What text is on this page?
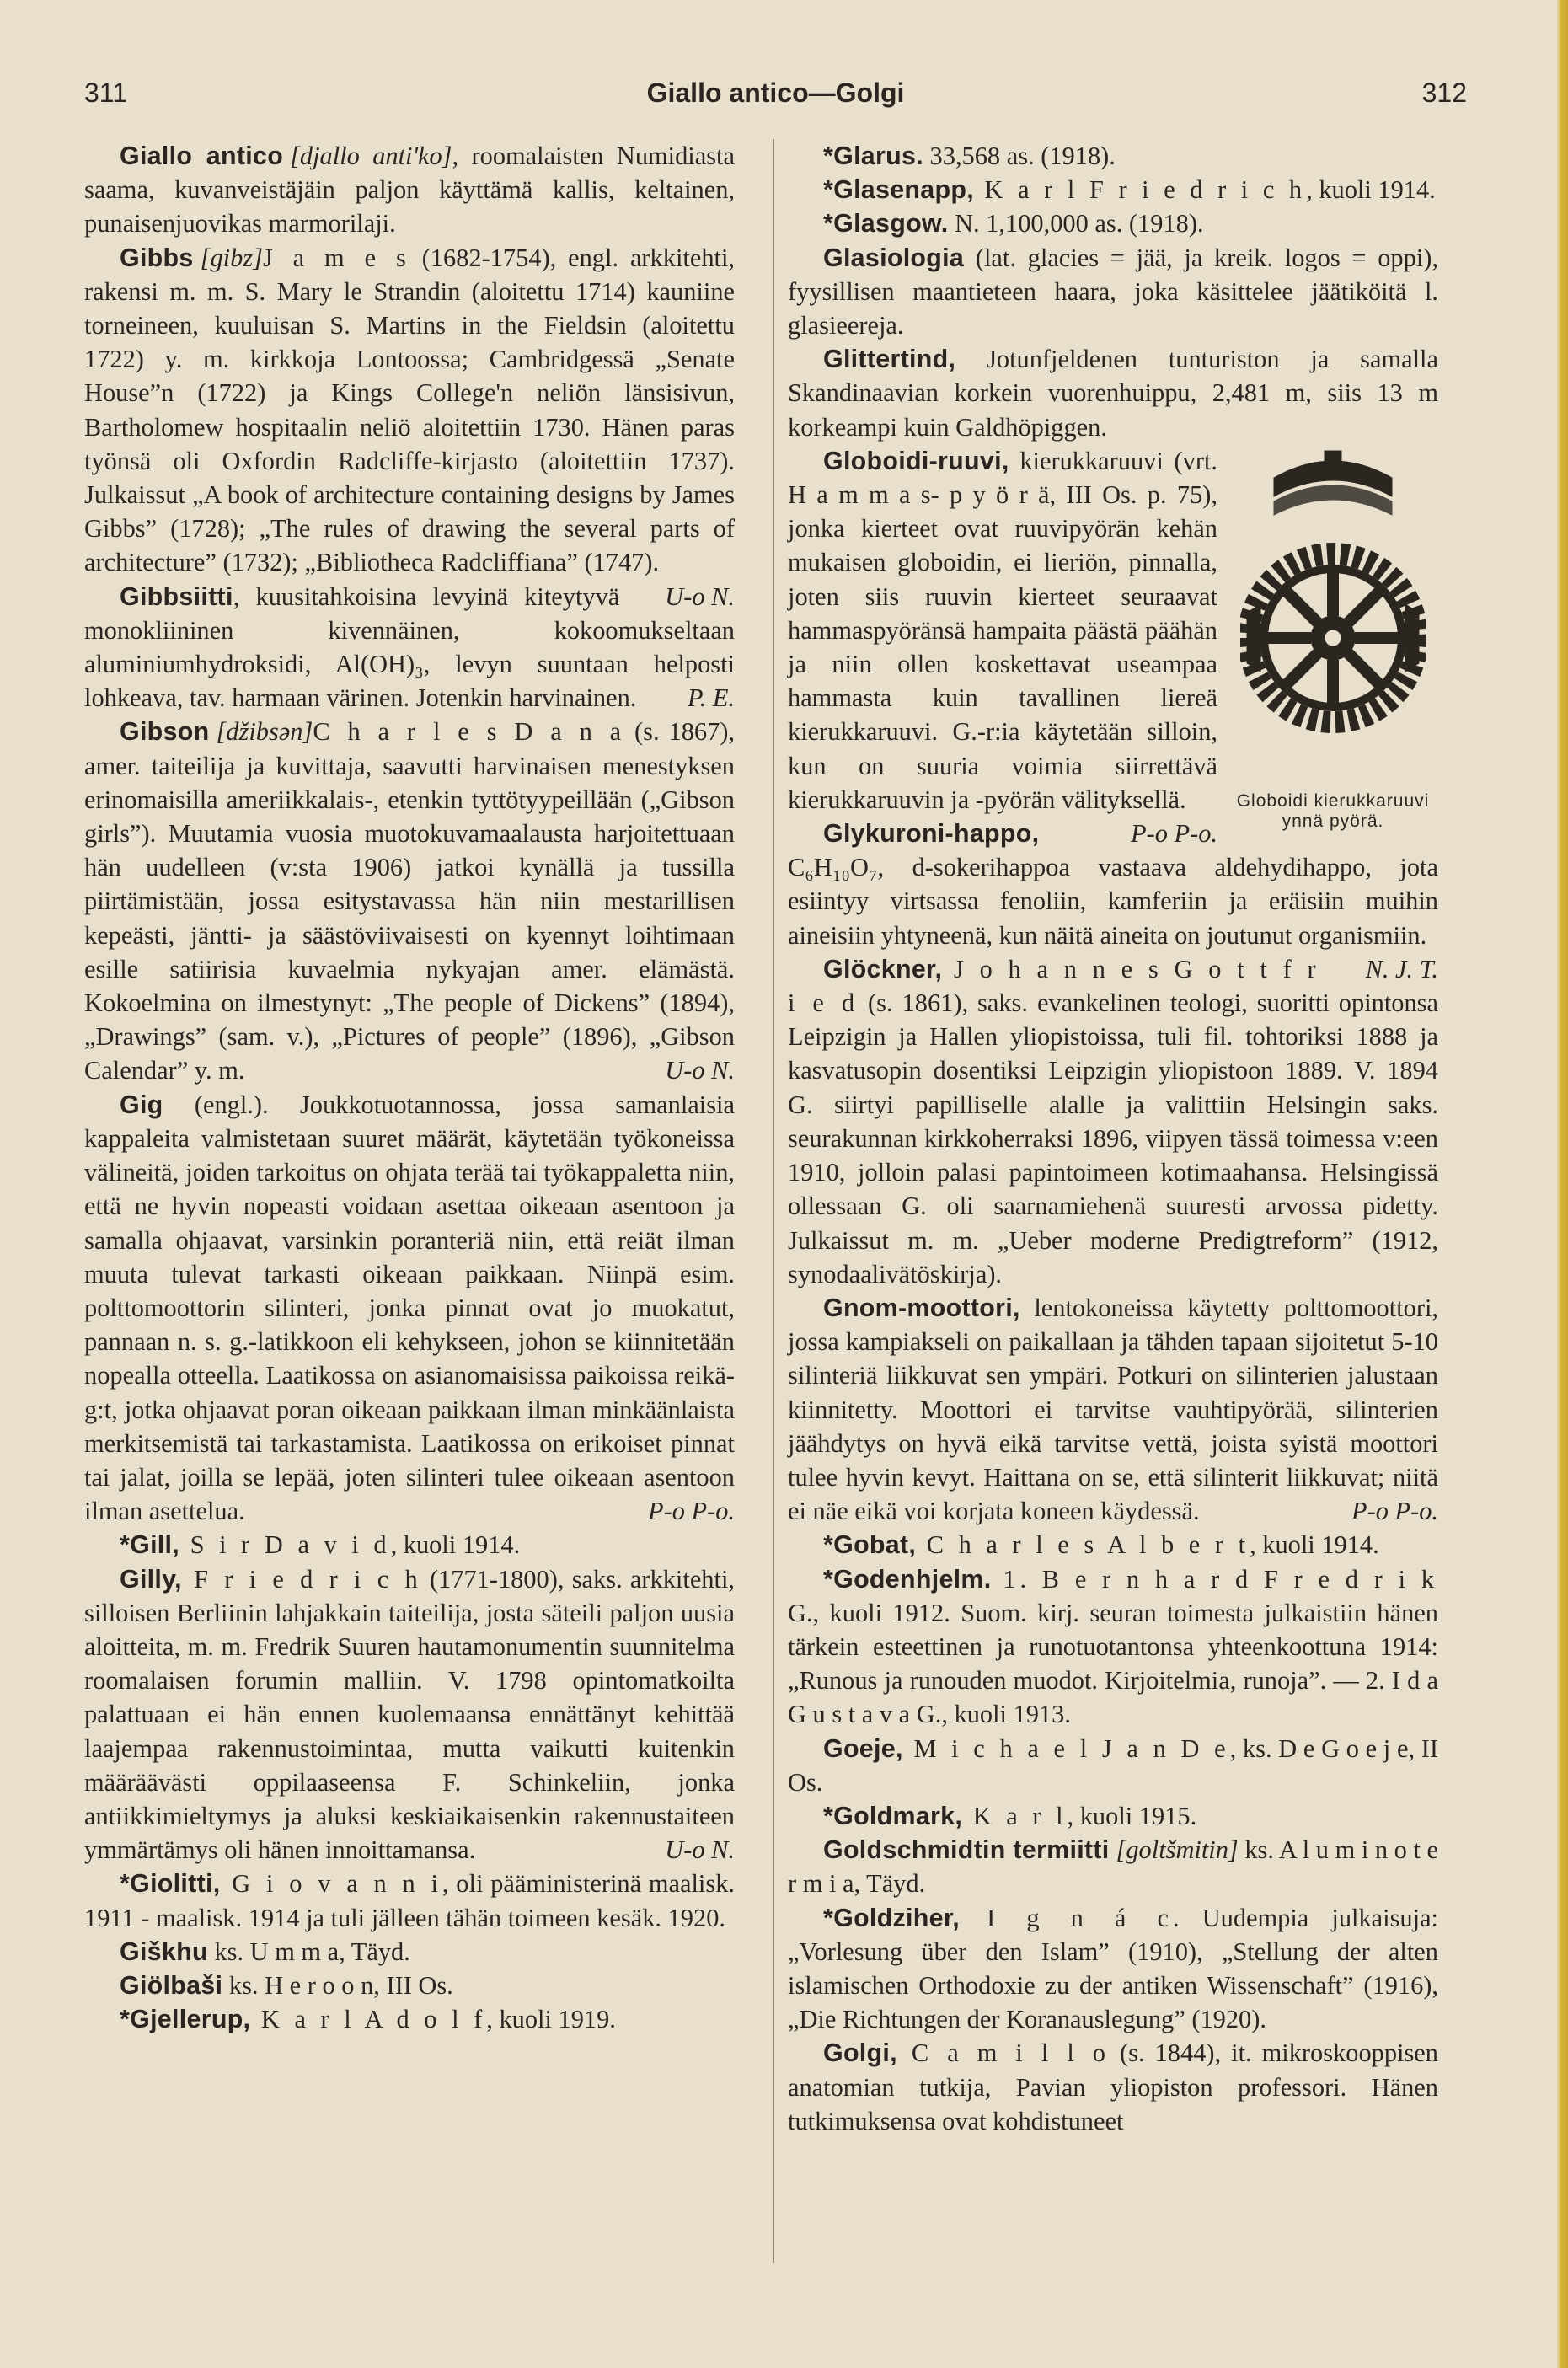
311	Giallo antico—Golgi	312

Giallo antico [djallo anti'ko], roomalaisten Numidiasta saama, kuvanveistäjäin paljon käyttämä kallis, keltainen, punaisenjuovikas marmorilaji.

Gibbs [gibz]J a m e s (1682-1754), engl. arkkitehti, rakensi m. m. S. Mary le Strandin (aloitettu 1714) kauniine torneineen, kuuluisan S. Martins in the Fieldsin (aloitettu 1722) y. m. kirkkoja Lontoossa; Cambridgessä „Senate House”n (1722) ja Kings College'n neliön länsisivun, Bartholomew hospitaalin neliö aloitettiin 1730. Hänen paras työnsä oli Oxfordin Radcliffe-kirjasto (aloitettiin 1737). Julkaissut „A book of architecture containing designs by James Gibbs” (1728); „The rules of drawing the several parts of architecture” (1732); „Bibliotheca Radcliffiana” (1747).
U-o N.

Gibbsiitti, kuusitahkoisina levyinä kiteytyvä monokliininen kivennäinen, kokoomukseltaan aluminiumhydroksidi, Al(OH)₃, levyn suuntaan helposti lohkeava, tav. harmaan värinen. Jotenkin harvinainen.	P. E.

Gibson [džibsən]C h a r l e s D a n a (s. 1867), amer. taiteilija ja kuvittaja, saavutti harvinaisen menestyksen erinomaisilla ameriikkalais-, etenkin tyttötyypeillään („Gibson girls”). Muutamia vuosia muotokuvamaalausta harjoitettuaan hän uudelleen (v:sta 1906) jatkoi kynällä ja tussilla piirtämistään, jossa esitystavassa hän niin mestarillisen kepeästi, jäntti- ja säästöviivaisesti on kyennyt loihtimaan esille satiirisia kuvaelmia nykyajan amer. elämästä. Kokoelmina on ilmestynyt: „The people of Dickens” (1894), „Drawings” (sam. v.), „Pictures of people” (1896), „Gibson Calendar” y. m.	U-o N.

Gig (engl.). Joukkotuotannossa, jossa samanlaisia kappaleita valmistetaan suuret määrät, käytetään työkoneissa välineitä, joiden tarkoitus on ohjata terää tai työkappaletta niin, että ne hyvin nopeasti voidaan asettaa oikeaan asentoon ja samalla ohjaavat, varsinkin poranteriä niin, että reiät ilman muuta tulevat tarkasti oikeaan paikkaan. Niinpä esim. polttomoottorin silinteri, jonka pinnat ovat jo muokatut, pannaan n. s. g.-latikkoon eli kehykseen, johon se kiinnitetään nopealla otteella. Laatikossa on asianomaisissa paikoissa reikä-g:t, jotka ohjaavat poran oikeaan paikkaan ilman minkäänlaista merkitsemistä tai tarkastamista. Laatikossa on erikoiset pinnat tai jalat, joilla se lepää, joten silinteri tulee oikeaan asentoon ilman asettelua.	P-o P-o.

*Gill, S i r D a v i d, kuoli 1914.

Gilly, F r i e d r i c h (1771-1800), saks. arkkitehti, silloisen Berliinin lahjakkain taiteilija, josta säteili paljon uusia aloitteita, m. m. Fredrik Suuren hautamonumentin suunnitelma roomalaisen forumin malliin. V. 1798 opintomatkoilta palattuaan ei hän ennen kuolemaansa ennättänyt kehittää laajempaa rakennustoimintaa, mutta vaikutti kuitenkin määräävästi oppilaaseensa F. Schinkeliin, jonka antiikkimieltymys ja aluksi keskiaikaisenkin rakennustaiteen ymmärtämys oli hänen innoittamansa.	U-o N.

*Giolitti, G i o v a n n i, oli pääministerinä maalisk. 1911 - maalisk. 1914 ja tuli jälleen tähän toimeen kesäk. 1920.

Giškhu ks. U m m a, Täyd.

Giölbaši ks. H e r o o n, III Os.

*Gjellerup, K a r l A d o l f, kuoli 1919.

*Glarus. 33,568 as. (1918).

*Glasenapp, K a r l F r i e d r i c h, kuoli 1914.

*Glasgow. N. 1,100,000 as. (1918).

Glasiologia (lat. glacies = jää, ja kreik. logos = oppi), fyysillisen maantieteen haara, joka käsittelee jäätiköitä l. glasieereja.

Glittertind, Jotunfjeldenen tunturiston ja samalla Skandinaavian korkein vuorenhuippu, 2,481 m, siis 13 m korkeampi kuin Galdhöpiggen.

Globoidi kierukkaruuvi ynnä pyörä.

Globoidi-ruuvi, kierukkaruuvi (vrt. H a m m a s- p y ö r ä, III Os. p. 75), jonka kierteet ovat ruuvipyörän kehän mukaisen globoidin, ei lieriön, pinnalla, joten siis ruuvin kierteet seuraavat hammaspyöränsä hampaita päästä päähän ja niin ollen koskettavat useampaa hammasta kuin tavallinen liereä kierukkaruuvi. G.-r:ia käytetään silloin, kun on suuria voimia siirrettävä kierukkaruuvin ja -pyörän välityksellä.
P-o P-o.

Glykuroni-happo, C₆H₁₀O₇, d-sokerihappoa vastaava aldehydihappo, jota esiintyy virtsassa fenoliin, kamferiin ja eräisiin muihin aineisiin yhtyneenä, kun näitä aineita on joutunut organismiin.
N. J. T.

Glöckner, J o h a n n e s G o t t f r i e d (s. 1861), saks. evankelinen teologi, suoritti opintonsa Leipzigin ja Hallen yliopistoissa, tuli fil. tohtoriksi 1888 ja kasvatusopin dosentiksi Leipzigin yliopistoon 1889. V. 1894 G. siirtyi papilliselle alalle ja valittiin Helsingin saks. seurakunnan kirkkoherraksi 1896, viipyen tässä toimessa v:een 1910, jolloin palasi papintoimeen kotimaahansa. Helsingissä ollessaan G. oli saarnamiehenä suuresti arvossa pidetty. Julkaissut m. m. „Ueber moderne Predigtreform” (1912, synodaalivätöskirja).

Gnom-moottori, lentokoneissa käytetty polttomoottori, jossa kampiakseli on paikallaan ja tähden tapaan sijoitetut 5-10 silinteriä liikkuvat sen ympäri. Potkuri on silinterien jalustaan kiinnitetty. Moottori ei tarvitse vauhtipyörää, silinterien jäähdytys on hyvä eikä tarvitse vettä, joista syistä moottori tulee hyvin kevyt. Haittana on se, että silinterit liikkuvat; niitä ei näe eikä voi korjata koneen käydessä.	P-o P-o.

*Gobat, C h a r l e s A l b e r t, kuoli 1914.

*Godenhjelm. 1. B e r n h a r d F r e d r i k G., kuoli 1912. Suom. kirj. seuran toimesta julkaistiin hänen tärkein esteettinen ja runotuotantonsa yhteenkoottuna 1914: „Runous ja runouden muodot. Kirjoitelmia, runoja”. — 2. I d a G u s t a v a G., kuoli 1913.

Goeje, M i c h a e l J a n D e, ks. D e G o e j e, II Os.

*Goldmark, K a r l, kuoli 1915.

Goldschmidtin termiitti [goltšmitin] ks. A l u m i n o t e r m i a, Täyd.

*Goldziher, I g n á c. Uudempia julkaisuja: „Vorlesung über den Islam” (1910), „Stellung der alten islamischen Orthodoxie zu der antiken Wissenschaft” (1916), „Die Richtungen der Koranauslegung” (1920).

Golgi, C a m i l l o (s. 1844), it. mikroskooppisen anatomian tutkija, Pavian yliopiston professori. Hänen tutkimuksensa ovat kohdistuneet
